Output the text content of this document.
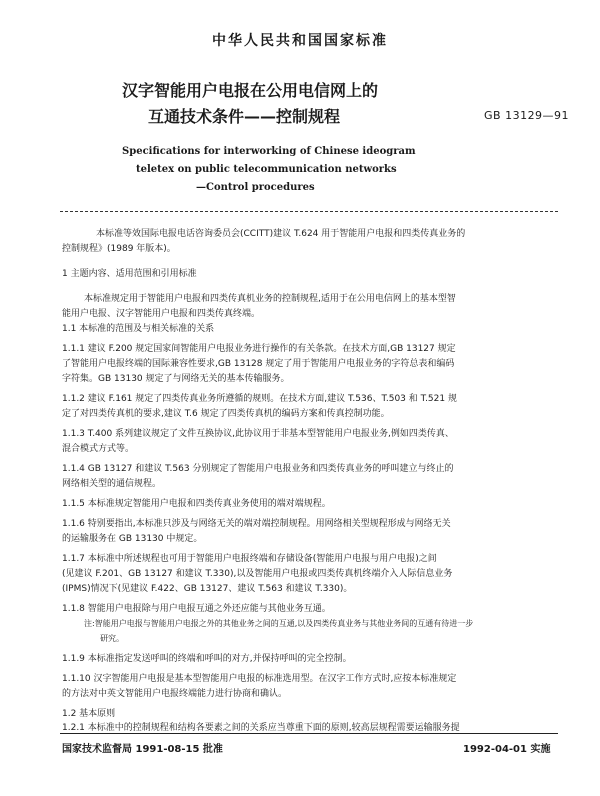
中华人民共和国国家标准
汉字智能用户电报在公用电信网上的
互通技术条件——控制规程	GB 13129—91
Specifications for interworking of Chinese ideogram
teletex on public telecommunication networks
—Control procedures
本标准等效国际电报电话咨询委员会(CCITT)建议 T.624 用于智能用户电报和四类传真业务的
控制规程》(1989 年版本)。
1 主题内容、适用范围和引用标准
本标准规定用于智能用户电报和四类传真机业务的控制规程,适用于在公用电信网上的基本型智
能用户电报、汉字智能用户电报和四类传真终端。
1.1 本标准的范围及与相关标准的关系
1.1.1 建议 F.200 规定国家间智能用户电报业务进行操作的有关条款。在技术方面,GB 13127 规定
了智能用户电报终端的国际兼容性要求,GB 13128 规定了用于智能用户电报业务的字符总表和编码
字符集。GB 13130 规定了与网络无关的基本传输服务。
1.1.2 建议 F.161 规定了四类传真业务所遵循的规则。在技术方面,建议 T.536、T.503 和 T.521 规
定了对四类传真机的要求,建议 T.6 规定了四类传真机的编码方案和传真控制功能。
1.1.3 T.400 系列建议规定了文件互换协议,此协议用于非基本型智能用户电报业务,例如四类传真、
混合模式方式等。
1.1.4 GB 13127 和建议 T.563 分别规定了智能用户电报业务和四类传真业务的呼叫建立与终止的
网络相关型的通信规程。
1.1.5 本标准规定智能用户电报和四类传真业务使用的端对端规程。
1.1.6 特别要指出,本标准只涉及与网络无关的端对端控制规程。用网络相关型规程形成与网络无关
的运输服务在 GB 13130 中规定。
1.1.7 本标准中所述规程也可用于智能用户电报终端和存储设备(智能用户电报与用户电报)之间
(见建议 F.201、GB 13127 和建议 T.330),以及智能用户电报或四类传真机终端介入人际信息业务
(IPMS)情况下(见建议 F.422、GB 13127、建议 T.563 和建议 T.330)。
1.1.8 智能用户电报除与用户电报互通之外还应能与其他业务互通。
注:智能用户电报与智能用户电报之外的其他业务之间的互通,以及四类传真业务与其他业务间的互通有待进一步
研究。
1.1.9 本标准指定发送呼叫的终端和呼叫的对方,并保持呼叫的完全控制。
1.1.10 汉字智能用户电报是基本型智能用户电报的标准选用型。在汉字工作方式时,应按本标准规定
的方法对中英文智能用户电报终端能力进行协商和确认。
1.2 基本原则
1.2.1 本标准中的控制规程和结构各要素之间的关系应当尊重下面的原则,较高层规程需要运输服务提
国家技术监督局 1991-08-15 批准	1992-04-01 实施
